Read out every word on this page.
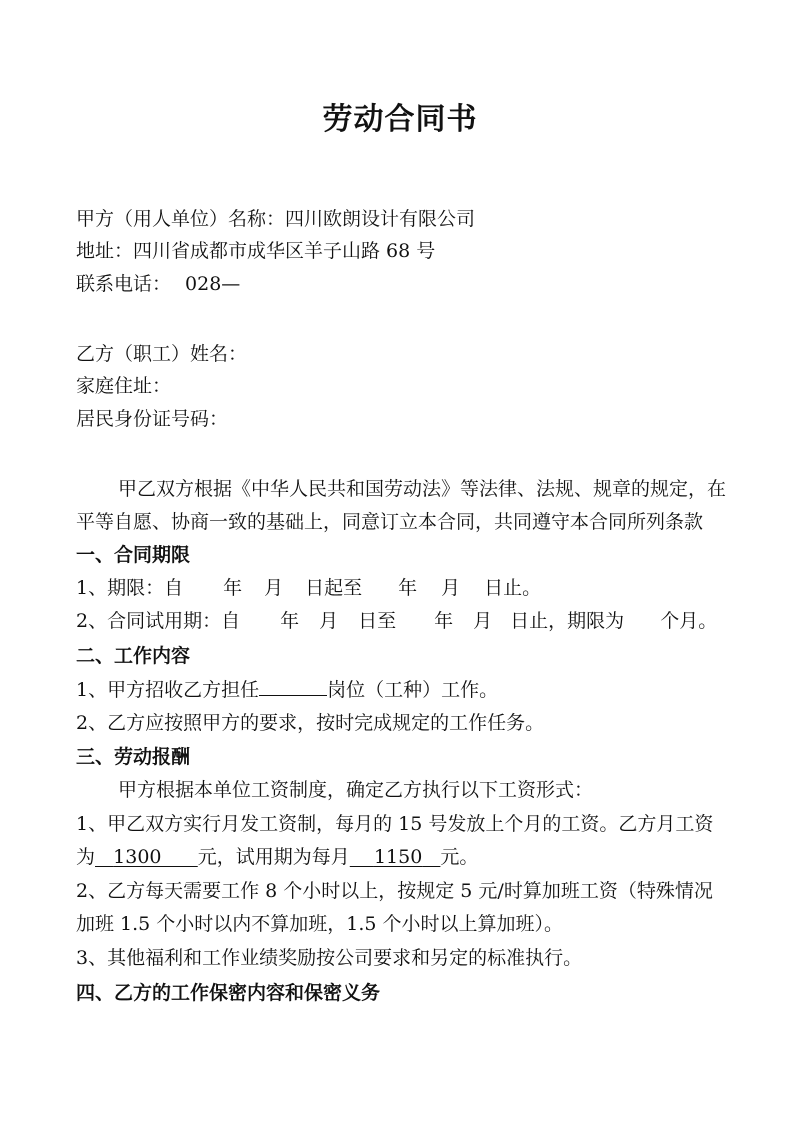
劳动合同书
甲方（用人单位）名称：四川欧朗设计有限公司
地址：四川省成都市成华区羊子山路 68 号
联系电话： 028—
乙方（职工）姓名：
家庭住址：
居民身份证号码：
甲乙双方根据《中华人民共和国劳动法》等法律、法规、规章的规定，在
平等自愿、协商一致的基础上，同意订立本合同，共同遵守本合同所列条款
一、合同期限
1、期限：自 年 月 日起至 年 月 日止。
2、合同试用期：自 年 月 日至 年 月 日止，期限为 个月。
二、工作内容
1、甲方招收乙方担任	岗位（工种）工作。
2、乙方应按照甲方的要求，按时完成规定的工作任务。
三、劳动报酬
甲方根据本单位工资制度，确定乙方执行以下工资形式：
1、甲乙双方实行月发工资制，每月的 15 号发放上个月的工资。乙方月工资
为 1300 元，试用期为每月 1150 元。
2、乙方每天需要工作 8 个小时以上，按规定 5 元/时算加班工资（特殊情况
加班 1.5 个小时以内不算加班，1.5 个小时以上算加班）。
3、其他福利和工作业绩奖励按公司要求和另定的标准执行。
四、乙方的工作保密内容和保密义务
